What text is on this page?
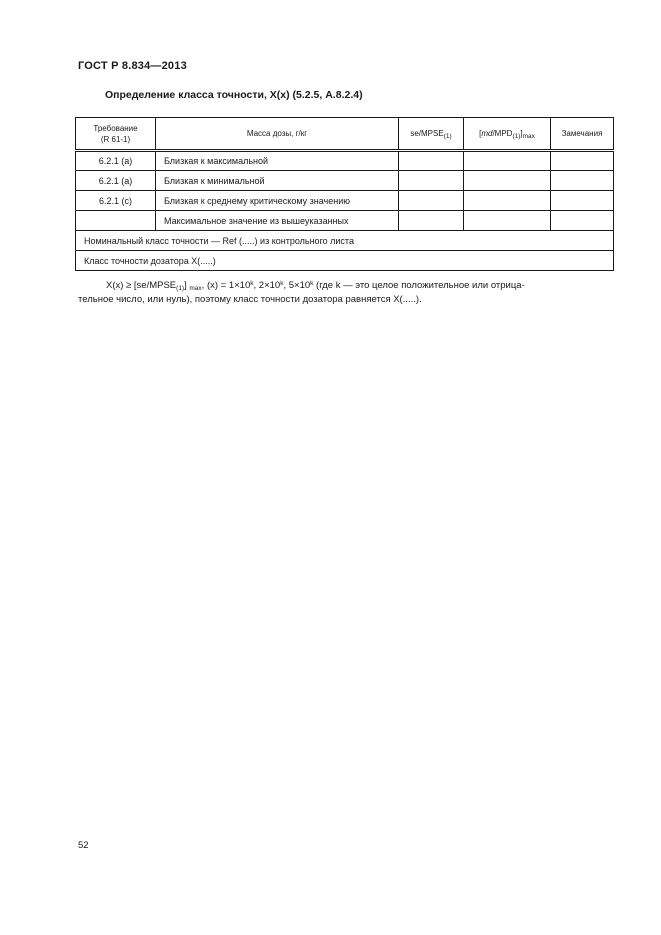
ГОСТ Р 8.834—2013
Определение класса точности, Х(х) (5.2.5, А.8.2.4)
Требование
(R 61-1)	Масса дозы, г/кг	$se/MPSE_{(1)}$	$[md/MPD_{(1)}]_{max}$	Замечания
6.2.1 (a)	Близкая к максимальной			
6.2.1 (a)	Близкая к минимальной			
6.2.1 (c)	Близкая к среднему критическому значению			
	Максимальное значение из вышеуказанных			
Номинальный класс точности — Ref (.....) из контрольного листа				
Класс точности дозатора Х(.....)				

$Х(х) \ge [se/MPSE_{(1)}]$ $_{max}$, $(х) = 1\times 10^k$, $2\times 10^k$, $5\times 10^k$ (где k — это целое положительное или отрица-
тельное число, или нуль), поэтому класс точности дозатора равняется Х(.....).

52
